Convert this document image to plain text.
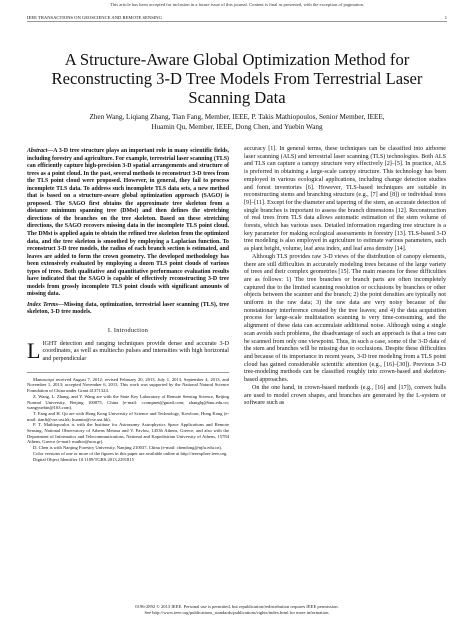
This article has been accepted for inclusion in a future issue of this journal. Content is final as presented, with the exception of pagination.
IEEE TRANSACTIONS ON GEOSCIENCE AND REMOTE SENSING	1
A Structure-Aware Global Optimization Method for Reconstructing 3-D Tree Models From Terrestrial Laser Scanning Data
Zhen Wang, Liqiang Zhang, Tian Fang, Member, IEEE, P. Takis Mathiopoulos, Senior Member, IEEE,
Huamin Qu, Member, IEEE, Dong Chen, and Yuebin Wang

Abstract—A 3-D tree structure plays an important role in many scientific fields, including forestry and agriculture. For example, terrestrial laser scanning (TLS) can efficiently capture high-precision 3-D spatial arrangements and structure of trees as a point cloud. In the past, several methods to reconstruct 3-D trees from the TLS point cloud were proposed. However, in general, they fail to process incomplete TLS data. To address such incomplete TLS data sets, a new method that is based on a structure-aware global optimization approach (SAGO) is proposed. The SAGO first obtains the approximate tree skeleton from a distance minimum spanning tree (DMst) and then defines the stretching directions of the branches on the tree skeleton. Based on these stretching directions, the SAGO recovers missing data in the incomplete TLS point cloud. The DMst is applied again to obtain the refined tree skeleton from the optimized data, and the tree skeleton is smoothed by employing a Laplacian function. To reconstruct 3-D tree models, the radius of each branch section is estimated, and leaves are added to form the crown geometry. The developed methodology has been extensively evaluated by employing a dozen TLS point clouds of various types of trees. Both qualitative and quantitative performance evaluation results have indicated that the SAGO is capable of effectively reconstructing 3-D tree models from grossly incomplete TLS point clouds with significant amounts of missing data.

Index Terms—Missing data, optimization, terrestrial laser scanning (TLS), tree skeleton, 3-D tree models.

I. Introduction

LIGHT detection and ranging techniques provide dense and accurate 3-D coordinates, as well as multiecho pulses and intensities with high horizontal and perpendicular

Manuscript received August 7, 2012; revised February 20, 2013, July 1, 2013, September 4, 2013, and November 1, 2013; accepted November 6, 2013. This work was supported by the National Natural Science Foundation of China under Grant 41371324.

Z. Wang, L. Zhang, and Y. Wang are with the State Key Laboratory of Remote Sensing Science, Beijing Normal University, Beijing 100875, China (e-mail: ccompnet@gmail.com; zhanglq@bnu.edu.cn; wangyuebin@163.com).

T. Fang and H. Qu are with Hong Kong University of Science and Technology, Kowloon, Hong Kong (e-mail: tianft@cse.ust.hk; huamin@cse.ust.hk).

P. T. Mathiopoulos is with the Institute for Astronomy Astrophysics Space Applications and Remote Sensing, National Observatory of Athens Metaxa and V. Pavlou, 14536 Athens, Greece, and also with the Department of Informatics and Telecommunications, National and Kapodistrian University of Athens, 15784 Athens, Greece (e-mail: mathio@noa.gr).

D. Chen is with Nanjing Forestry University, Nanjing 210037, China (e-mail: chendong@njfu.edu.cn).

Color versions of one or more of the figures in this paper are available online at http://ieeexplore.ieee.org.

Digital Object Identifier 10.1109/TGRS.2013.2291815

accuracy [1]. In general terms, these techniques can be classified into airborne laser scanning (ALS) and terrestrial laser scanning (TLS) technologies. Both ALS and TLS can capture a canopy structure very effectively [2]–[5]. In practice, ALS is preferred in obtaining a large-scale canopy structure. This technology has been employed in various ecological applications, including change detection studies and forest inventories [6]. However, TLS-based techniques are suitable in reconstructing stems and branching structure (e.g., [7] and [8]) or individual trees [9]–[11]. Except for the diameter and tapering of the stem, an accurate detection of single branches is important to assess the branch dimensions [12]. Reconstruction of real trees from TLS data allows automatic estimation of the stem volume of forests, which has various uses. Detailed information regarding tree structure is a key parameter for making ecological assessments in forestry [13]. TLS-based 3-D tree modeling is also employed in agriculture to estimate various parameters, such as plant height, volume, leaf area index, and leaf area density [14].

Although TLS provides raw 3-D views of the distribution of canopy elements, there are still difficulties in accurately modeling trees because of the large variety of trees and their complex geometries [15]. The main reasons for these difficulties are as follows: 1) The tree branches or branch parts are often incompletely captured due to the limited scanning resolution or occlusions by branches or other objects between the scanner and the branch; 2) the point densities are typically not uniform in the raw data; 3) the raw data are very noisy because of the nonstationary interference created by the tree leaves; and 4) the data acquisition process for large-scale multistation scanning is very time-consuming, and the alignment of these data can accumulate additional noise. Although using a single scan avoids such problems, the disadvantage of such an approach is that a tree can be scanned from only one viewpoint. Thus, in such a case, some of the 3-D data of the stem and branches will be missing due to occlusions. Despite these difficulties and because of its importance in recent years, 3-D tree modeling from a TLS point cloud has gained considerable scientific attention (e.g., [16]–[30]). Previous 3-D tree-modeling methods can be classified roughly into crown-based and skeleton-based approaches.

On the one hand, in crown-based methods (e.g., [16] and [17]), convex hulls are used to model crown shapes, and branches are generated by the L-system or software such as

0196-2892 © 2013 IEEE. Personal use is permitted, but republication/redistribution requires IEEE permission.
See http://www.ieee.org/publications_standards/publications/rights/index.html for more information.
